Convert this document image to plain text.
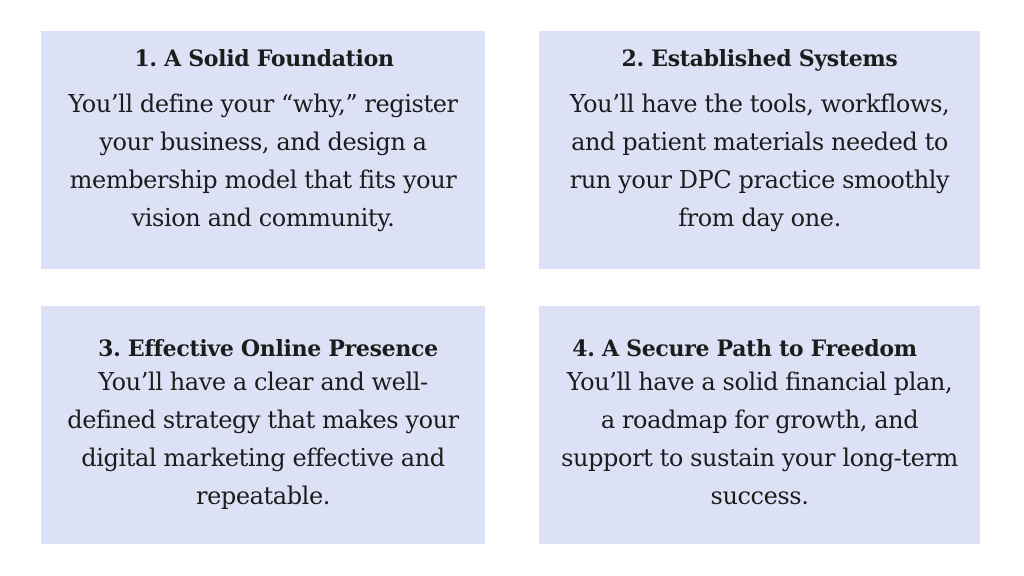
1. A Solid Foundation

You’ll define your “why,” register your business, and design a membership model that fits your vision and community.

2. Established Systems

You’ll have the tools, workflows, and patient materials needed to run your DPC practice smoothly from day one.

3. Effective Online Presence

You’ll have a clear and well-defined strategy that makes your digital marketing effective and repeatable.

4. A Secure Path to Freedom

You’ll have a solid financial plan, a roadmap for growth, and support to sustain your long-term success.
